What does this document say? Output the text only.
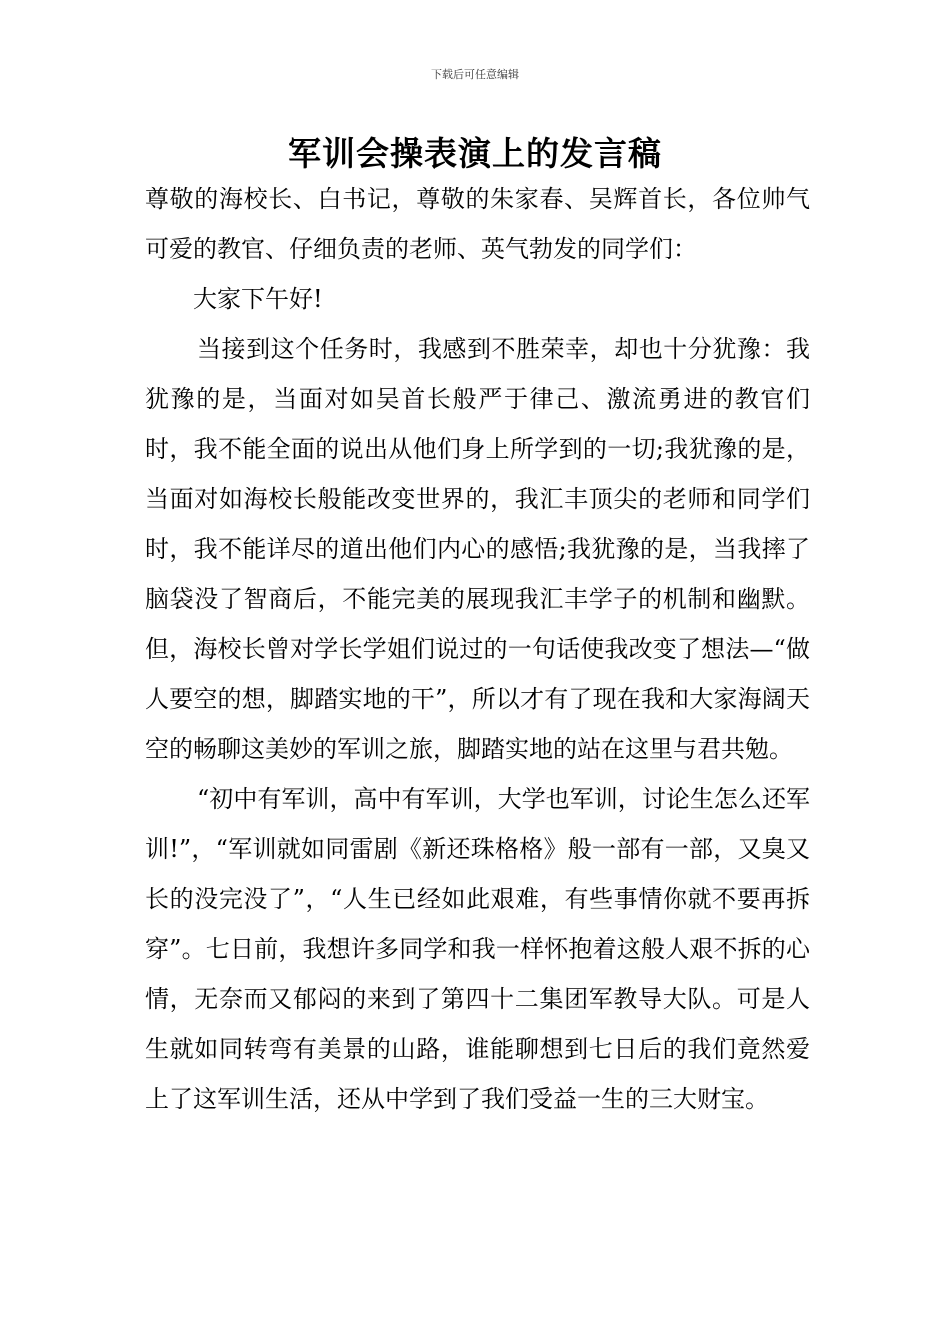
下载后可任意编辑
军训会操表演上的发言稿

尊敬的海校长、白书记，尊敬的朱家春、吴辉首长，各位帅气可爱的教官、仔细负责的老师、英气勃发的同学们：

大家下午好!

当接到这个任务时，我感到不胜荣幸，却也十分犹豫：我犹豫的是，当面对如吴首长般严于律己、激流勇进的教官们时，我不能全面的说出从他们身上所学到的一切;我犹豫的是，当面对如海校长般能改变世界的，我汇丰顶尖的老师和同学们时，我不能详尽的道出他们内心的感悟;我犹豫的是，当我摔了脑袋没了智商后，不能完美的展现我汇丰学子的机制和幽默。但，海校长曾对学长学姐们说过的一句话使我改变了想法—“做人要空的想，脚踏实地的干”，所以才有了现在我和大家海阔天空的畅聊这美妙的军训之旅，脚踏实地的站在这里与君共勉。

“初中有军训，高中有军训，大学也军训，讨论生怎么还军训!”，“军训就如同雷剧《新还珠格格》般一部有一部，又臭又长的没完没了”，“人生已经如此艰难，有些事情你就不要再拆穿”。七日前，我想许多同学和我一样怀抱着这般人艰不拆的心情，无奈而又郁闷的来到了第四十二集团军教导大队。可是人生就如同转弯有美景的山路，谁能聊想到七日后的我们竟然爱上了这军训生活，还从中学到了我们受益一生的三大财宝。
